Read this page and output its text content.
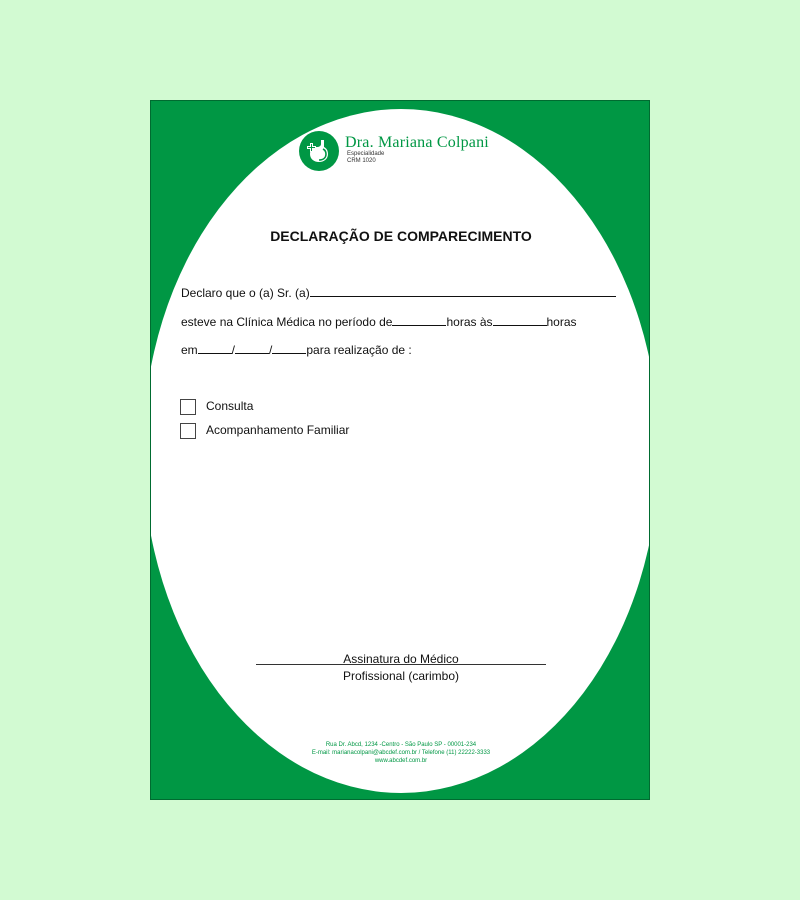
Dra. Mariana Colpani
Especialidade
CRM 1020
DECLARAÇÃO DE COMPARECIMENTO
Declaro que o (a) Sr. (a)
esteve na Clínica Médica no período de	horas às	horas
em	/	/	para realização de :
Consulta
Acompanhamento Familiar
Assinatura do Médico
Profissional (carimbo)
Rua Dr. Abcd, 1234 -Centro - São Paulo SP - 00001-234
E-mail: marianacolpani@abcdef.com.br / Telefone (11) 22222-3333
www.abcdef.com.br
